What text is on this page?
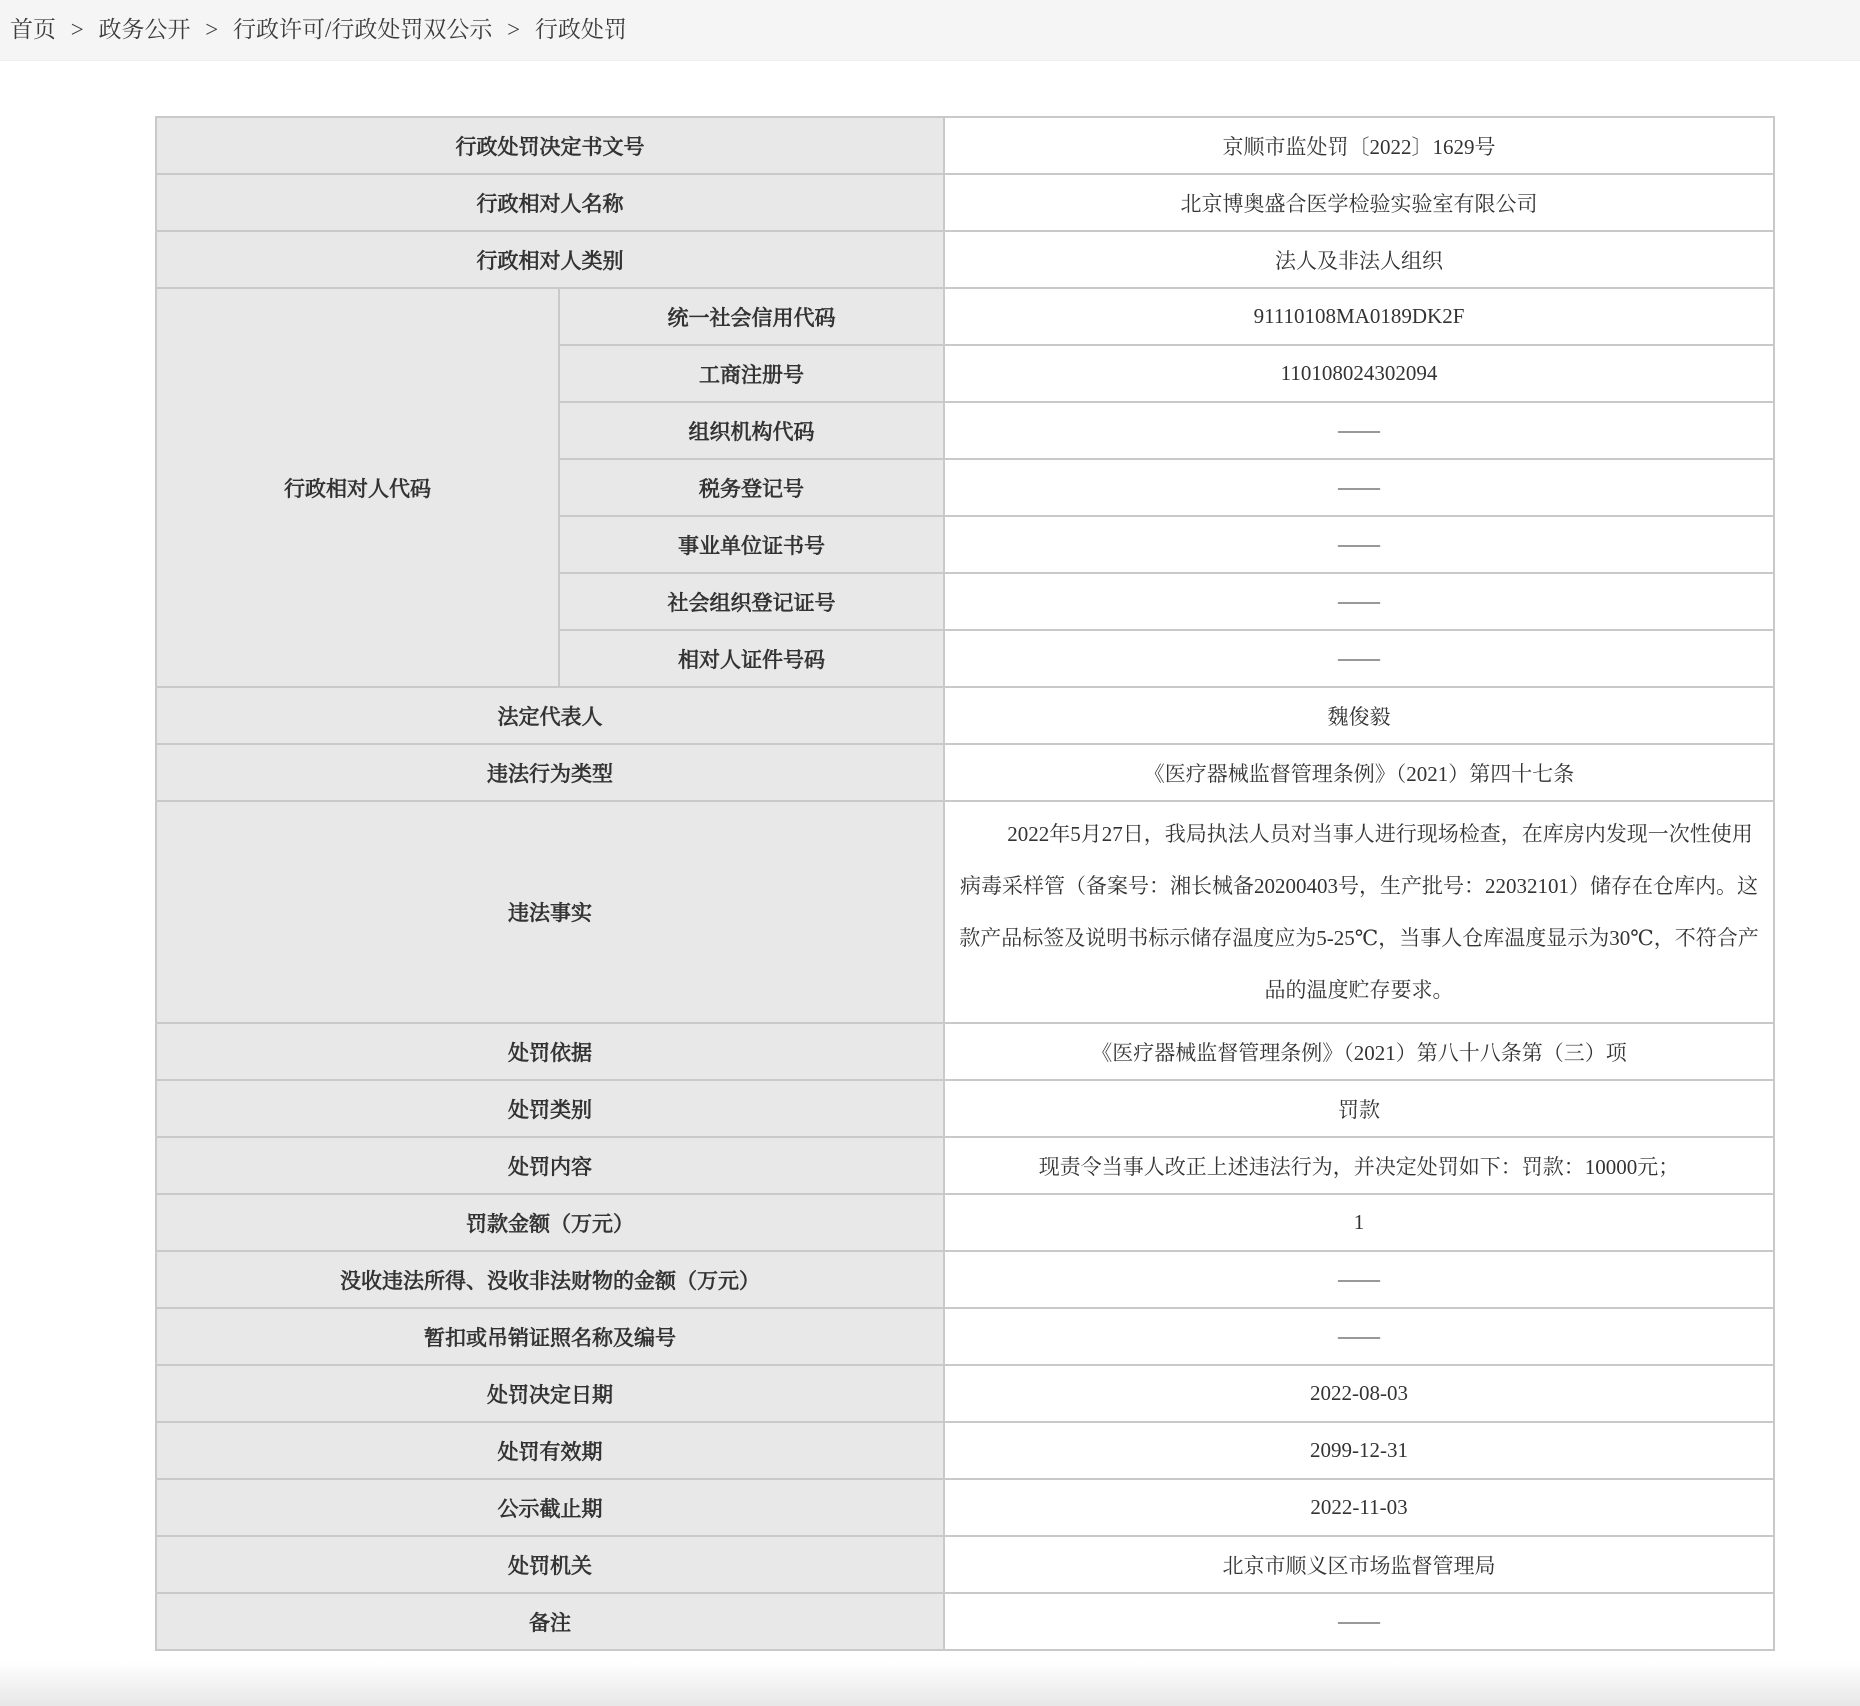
首页 > 政务公开 > 行政许可/行政处罚双公示 > 行政处罚
行政处罚决定书文号		京顺市监处罚〔2022〕1629号
行政相对人名称		北京博奥盛合医学检验实验室有限公司
行政相对人类别		法人及非法人组织
行政相对人代码	统一社会信用代码	91110108MA0189DK2F
	工商注册号	110108024302094
	组织机构代码	——
	税务登记号	——
	事业单位证书号	——
	社会组织登记证号	——
	相对人证件号码	——
法定代表人		魏俊毅
违法行为类型		《医疗器械监督管理条例》（2021）第四十七条
违法事实		　　2022年5月27日，我局执法人员对当事人进行现场检查，在库房内发现一次性使用病毒采样管（备案号：湘长械备20200403号，生产批号：22032101）储存在仓库内。这款产品标签及说明书标示储存温度应为5-25℃，当事人仓库温度显示为30℃，不符合产品的温度贮存要求。
处罚依据		《医疗器械监督管理条例》（2021）第八十八条第（三）项
处罚类别		罚款
处罚内容		现责令当事人改正上述违法行为，并决定处罚如下：罚款：10000元；
罚款金额（万元）		1
没收违法所得、没收非法财物的金额（万元）		——
暂扣或吊销证照名称及编号		——
处罚决定日期		2022-08-03
处罚有效期		2099-12-31
公示截止期		2022-11-03
处罚机关		北京市顺义区市场监督管理局
备注		——
